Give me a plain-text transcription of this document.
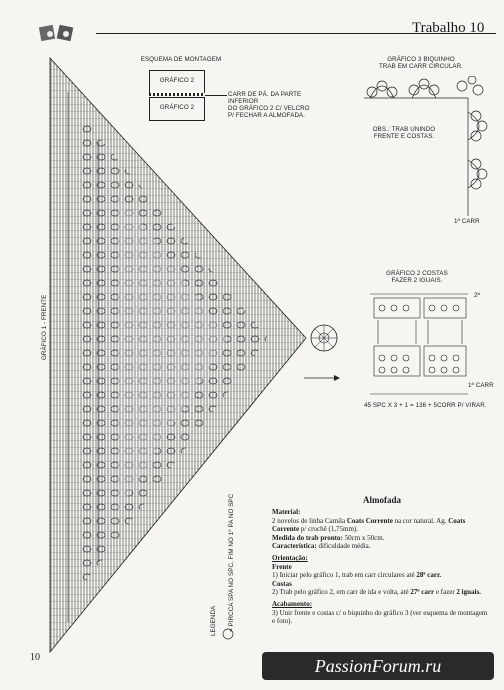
Trabalho 10
GRÁFICO 1 - FRENTE
LEGENDA = PIRCCA SPA NO SPC, FIM NO 1º PA NO SPC
ESQUEMA DE MONTAGEM
GRÁFICO 2
GRÁFICO 2
CARR DE PÁ. DA PARTE INFERIOR
DO GRÁFICO 2 C/ VELCRO
P/ FECHAR A ALMOFADA.
GRÁFICO 3 BIQUINHO
TRAB EM CARR CIRCULAR.
OBS.: TRAB UNINDO
FRENTE E COSTAS.
1ª CARR
GRÁFICO 2 COSTAS
FAZER 2 IGUAIS.
2ª
1ª CARR
45 SPC X 3 + 1 = 136 + 5CORR P/ VIRAR.
Almofada

Material:

2 novelos de linha Camila Coats Corrente na cor natural. Ag. Coats Corrente p/ crochê (1,75mm).

Medida do trab pronto: 50cm x 50cm.

Característica: dificuldade média.

Orientação:

Frente

1) Iniciar pelo gráfico 1, trab em carr circulares até 28ª carr.

Costas

2) Trab pelo gráfico 2, em carr de ida e volta, até 27ª carr e fazer 2 iguais.

Acabamento:

3) Unir frente e costas c/ o biquinho do gráfico 3 (ver esquema de montagem e foto).

10	PassionForum.ru
